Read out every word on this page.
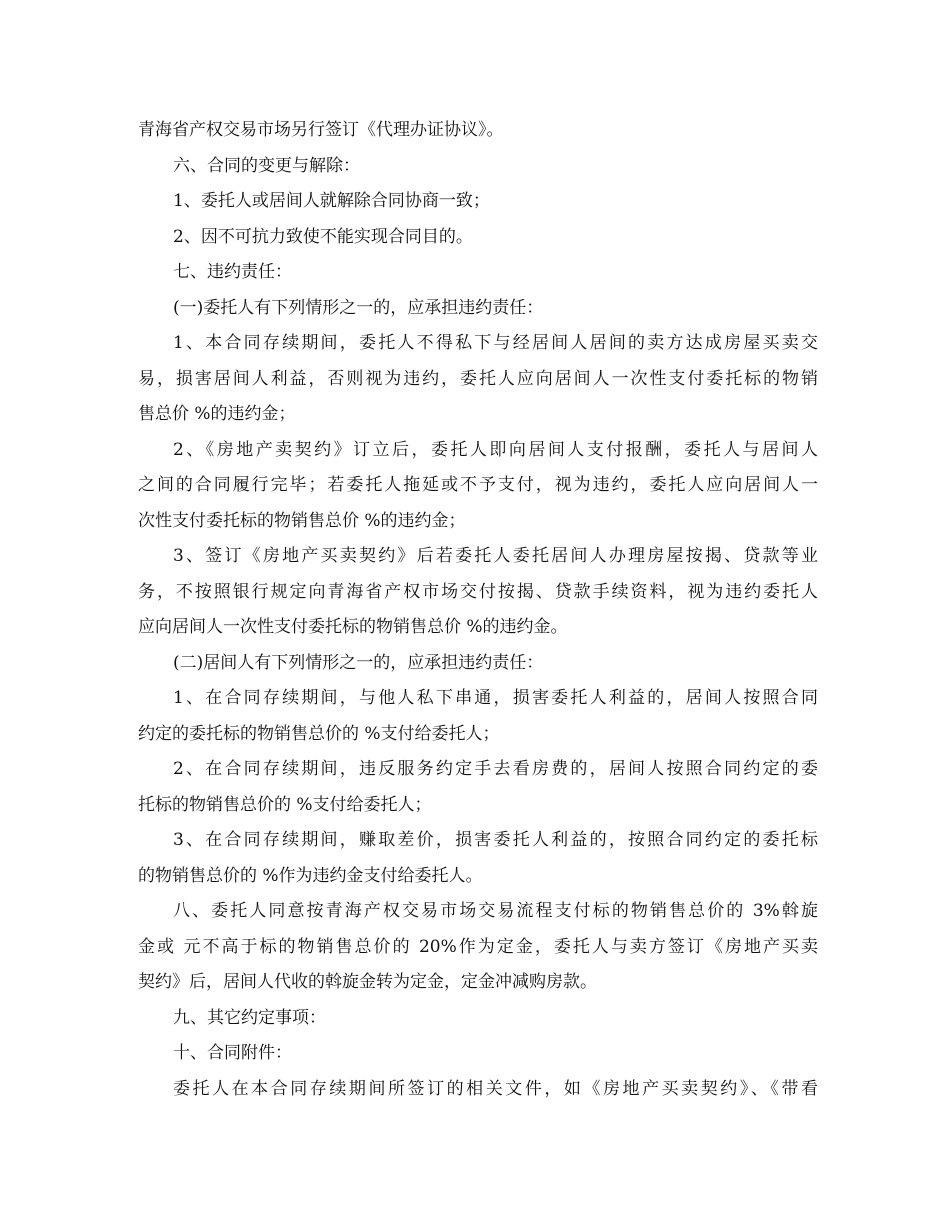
青海省产权交易市场另行签订《代理办证协议》。
六、合同的变更与解除：
1、委托人或居间人就解除合同协商一致；
2、因不可抗力致使不能实现合同目的。
七、违约责任：
(一)委托人有下列情形之一的，应承担违约责任：
1、本合同存续期间，委托人不得私下与经居间人居间的卖方达成房屋买卖交
易，损害居间人利益，否则视为违约，委托人应向居间人一次性支付委托标的物销
售总价 %的违约金；
2、《房地产卖契约》订立后，委托人即向居间人支付报酬，委托人与居间人
之间的合同履行完毕；若委托人拖延或不予支付，视为违约，委托人应向居间人一
次性支付委托标的物销售总价 %的违约金；
3、签订《房地产买卖契约》后若委托人委托居间人办理房屋按揭、贷款等业
务，不按照银行规定向青海省产权市场交付按揭、贷款手续资料，视为违约委托人
应向居间人一次性支付委托标的物销售总价 %的违约金。
(二)居间人有下列情形之一的，应承担违约责任：
1、在合同存续期间，与他人私下串通，损害委托人利益的，居间人按照合同
约定的委托标的物销售总价的 %支付给委托人；
2、在合同存续期间，违反服务约定手去看房费的，居间人按照合同约定的委
托标的物销售总价的 %支付给委托人；
3、在合同存续期间，赚取差价，损害委托人利益的，按照合同约定的委托标
的物销售总价的 %作为违约金支付给委托人。
八、委托人同意按青海产权交易市场交易流程支付标的物销售总价的 3%斡旋
金或 元不高于标的物销售总价的 20%作为定金，委托人与卖方签订《房地产买卖
契约》后，居间人代收的斡旋金转为定金，定金冲减购房款。
九、其它约定事项：
十、合同附件：
委托人在本合同存续期间所签订的相关文件，如《房地产买卖契约》、《带看
